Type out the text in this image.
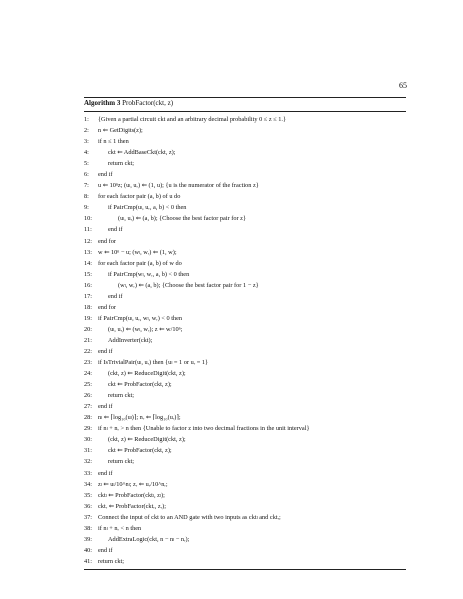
65
Algorithm 3 ProbFactor(ckt, z)
1:	{Given a partial circuit ckt and an arbitrary decimal probability 0 ≤ z ≤ 1.}
2:	n ⇐ GetDigits(z);
3:	if n ≤ 1 then
4:	ckt ⇐ AddBaseCkt(ckt, z);
5:	return ckt;
6:	end if
7:	u ⇐ 10ⁿz; (uₗ, uᵣ) ⇐ (1, u); {u is the numerator of the fraction z}
8:	for each factor pair (a, b) of u do
9:	if PairCmp(uₗ, uᵣ, a, b) < 0 then
10:	(uₗ, uᵣ) ⇐ (a, b); {Choose the best factor pair for z}
11:	end if
12: end for
13: w ⇐ 10ⁿ − u; (wₗ, wᵣ) ⇐ (1, w);
14: for each factor pair (a, b) of w do
15:	if PairCmp(wₗ, wᵣ, a, b) < 0 then
16:	(wₗ, wᵣ) ⇐ (a, b); {Choose the best factor pair for 1 − z}
17:	end if
18: end for
19: if PairCmp(uₗ, uᵣ, wₗ, wᵣ) < 0 then
20:	(uₗ, uᵣ) ⇐ (wₗ, wᵣ); z ⇐ w/10ⁿ;
21:	AddInverter(ckt);
22: end if
23: if IsTrivialPair(uₗ, uᵣ) then {uₗ = 1 or uᵣ = 1}
24:	(ckt, z) ⇐ ReduceDigit(ckt, z);
25:	ckt ⇐ ProbFactor(ckt, z);
26:	return ckt;
27: end if
28: nₗ ⇐ ⌈log₁₀(uₗ)⌉; nᵣ ⇐ ⌈log₁₀(uᵣ)⌉;
29: if nₗ + nᵣ > n then {Unable to factor z into two decimal fractions in the unit interval}
30:	(ckt, z) ⇐ ReduceDigit(ckt, z);
31:	ckt ⇐ ProbFactor(ckt, z);
32:	return ckt;
33: end if
34: zₗ ⇐ uₗ/10^nₗ; zᵣ ⇐ uᵣ/10^nᵣ;
35: cktₗ ⇐ ProbFactor(cktₗ, zₗ);
36: cktᵣ ⇐ ProbFactor(cktᵣ, zᵣ);
37: Connect the input of ckt to an AND gate with two inputs as cktₗ and cktᵣ;
38: if nₗ + nᵣ < n then
39:	AddExtraLogic(ckt, n − nₗ − nᵣ);
40: end if
41: return ckt;
